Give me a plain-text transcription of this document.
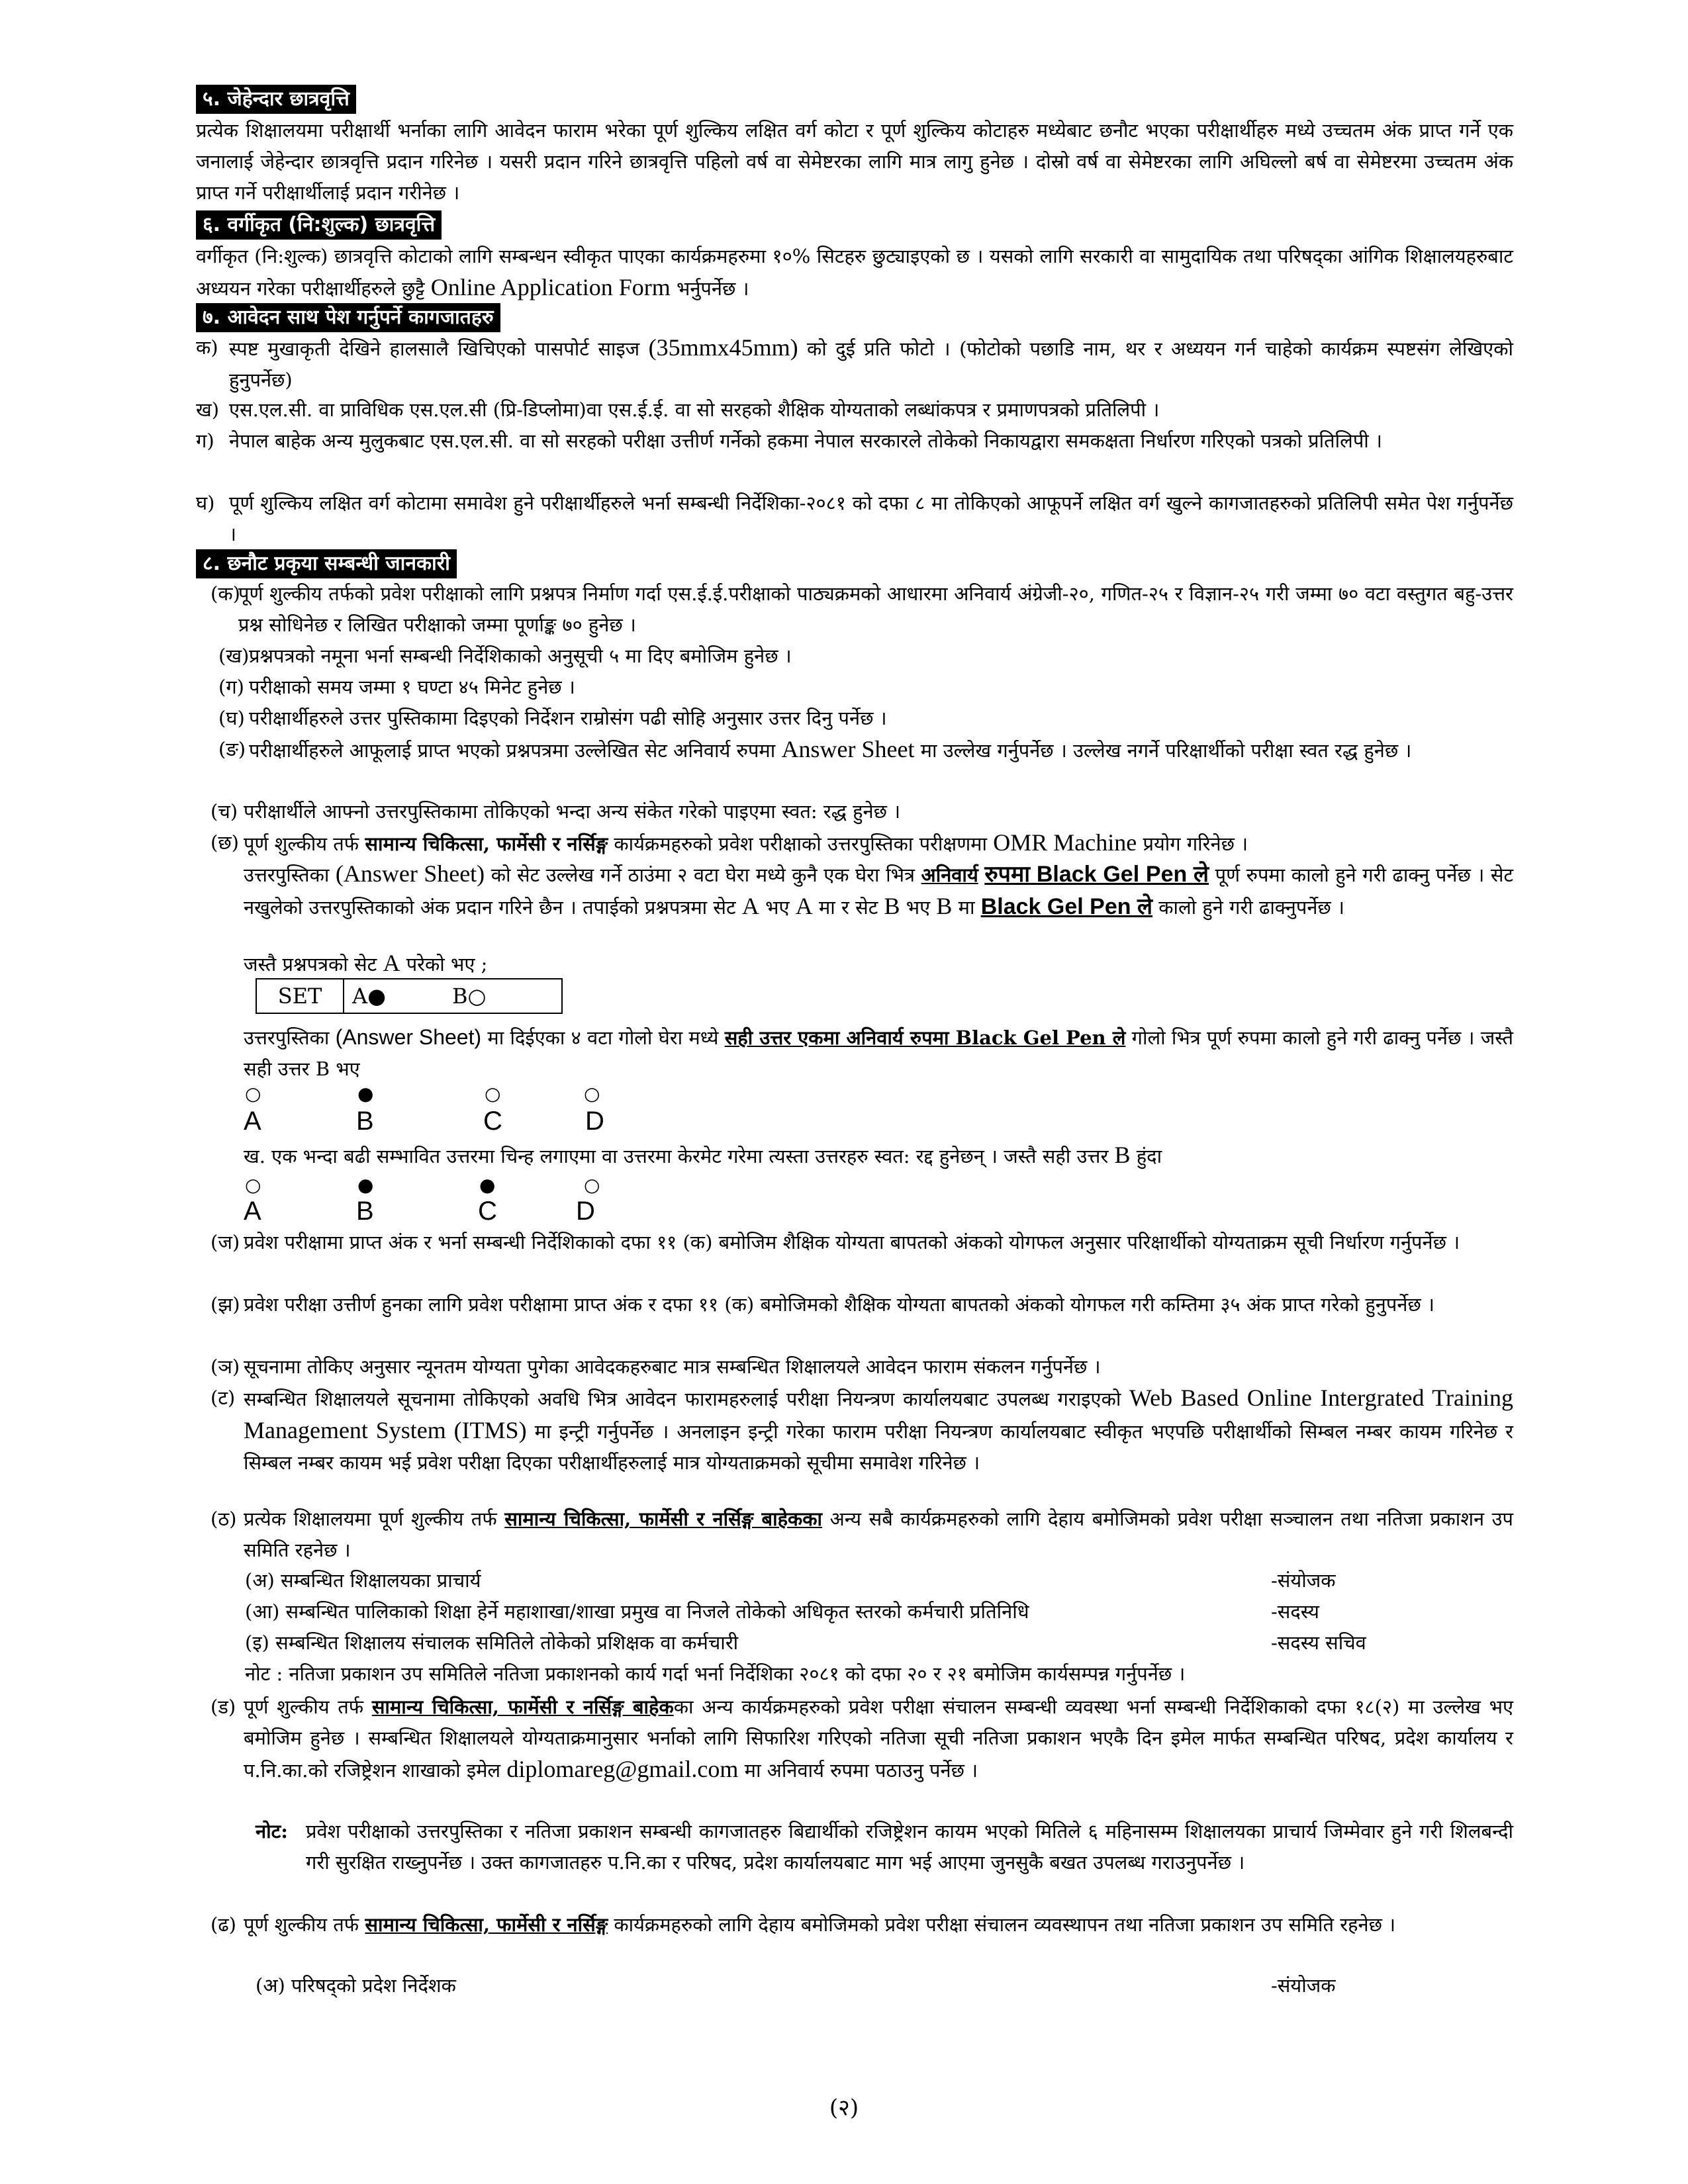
५. जेहेन्दार छात्रवृत्ति
प्रत्येक शिक्षालयमा परीक्षार्थी भर्नाका लागि आवेदन फाराम भरेका पूर्ण शुल्किय लक्षित वर्ग कोटा र पूर्ण शुल्किय कोटाहरु मध्येबाट छनौट भएका परीक्षार्थीहरु मध्ये उच्चतम अंक प्राप्त गर्ने एक जनालाई जेहेन्दार छात्रवृत्ति प्रदान गरिनेछ । यसरी प्रदान गरिने छात्रवृत्ति पहिलो वर्ष वा सेमेष्टरका लागि मात्र लागु हुनेछ । दोस्रो वर्ष वा सेमेष्टरका लागि अघिल्लो बर्ष वा सेमेष्टरमा उच्चतम अंक प्राप्त गर्ने परीक्षार्थीलाई प्रदान गरीनेछ ।
६. वर्गीकृत (नि:शुल्क) छात्रवृत्ति
वर्गीकृत (नि:शुल्क) छात्रवृत्ति कोटाको लागि सम्बन्धन स्वीकृत पाएका कार्यक्रमहरुमा १०% सिटहरु छुट्याइएको छ । यसको लागि सरकारी वा सामुदायिक तथा परिषद्का आंगिक शिक्षालयहरुबाट अध्ययन गरेका परीक्षार्थीहरुले छुट्टै Online Application Form भर्नुपर्नेछ ।
७. आवेदन साथ पेश गर्नुपर्ने कागजातहरु
क) स्पष्ट मुखाकृती देखिने हालसालै खिचिएको पासपोर्ट साइज (35mmx45mm) को दुई प्रति फोटो । (फोटोको पछाडि नाम, थर र अध्ययन गर्न चाहेको कार्यक्रम स्पष्टसंग लेखिएको हुनुपर्नेछ)
ख) एस.एल.सी. वा प्राविधिक एस.एल.सी (प्रि-डिप्लोमा)वा एस.ई.ई. वा सो सरहको शैक्षिक योग्यताको लब्धांकपत्र र प्रमाणपत्रको प्रतिलिपी ।
ग) नेपाल बाहेक अन्य मुलुकबाट एस.एल.सी. वा सो सरहको परीक्षा उत्तीर्ण गर्नेको हकमा नेपाल सरकारले तोकेको निकायद्वारा समकक्षता निर्धारण गरिएको पत्रको प्रतिलिपी ।
घ) पूर्ण शुल्किय लक्षित वर्ग कोटामा समावेश हुने परीक्षार्थीहरुले भर्ना सम्बन्धी निर्देशिका-२०८१ को दफा ८ मा तोकिएको आफूपर्ने लक्षित वर्ग खुल्ने कागजातहरुको प्रतिलिपी समेत पेश गर्नुपर्नेछ ।
८. छनौट प्रकृया सम्बन्धी जानकारी
(क)
पूर्ण शुल्कीय तर्फको प्रवेश परीक्षाको लागि प्रश्नपत्र निर्माण गर्दा एस.ई.ई.परीक्षाको पाठ्यक्रमको आधारमा अनिवार्य अंग्रेजी-२०, गणित-२५ र विज्ञान-२५ गरी जम्मा ७० वटा वस्तुगत बहु-उत्तर प्रश्न सोधिनेछ र लिखित परीक्षाको जम्मा पूर्णाङ्क ७० हुनेछ ।
(ख) प्रश्नपत्रको नमूना भर्ना सम्बन्धी निर्देशिकाको अनुसूची ५ मा दिए बमोजिम हुनेछ ।
(ग) परीक्षाको समय जम्मा १ घण्टा ४५ मिनेट हुनेछ ।
(घ) परीक्षार्थीहरुले उत्तर पुस्तिकामा दिइएको निर्देशन राम्रोसंग पढी सोहि अनुसार उत्तर दिनु पर्नेछ ।
(ङ) परीक्षार्थीहरुले आफूलाई प्राप्त भएको प्रश्नपत्रमा उल्लेखित सेट अनिवार्य रुपमा Answer Sheet मा उल्लेख गर्नुपर्नेछ । उल्लेख नगर्ने परिक्षार्थीको परीक्षा स्वत रद्ध हुनेछ ।
(च) परीक्षार्थीले आफ्नो उत्तरपुस्तिकामा तोकिएको भन्दा अन्य संकेत गरेको पाइएमा स्वत: रद्ध हुनेछ ।
(छ) पूर्ण शुल्कीय तर्फ सामान्य चिकित्सा, फार्मेसी र नर्सिङ्ग कार्यक्रमहरुको प्रवेश परीक्षाको उत्तरपुस्तिका परीक्षणमा OMR Machine प्रयोग गरिनेछ ।
उत्तरपुस्तिका (Answer Sheet) को सेट उल्लेख गर्ने ठाउंमा २ वटा घेरा मध्ये कुनै एक घेरा भित्र अनिवार्य रुपमा Black Gel Pen ले पूर्ण रुपमा कालो हुने गरी ढाक्नु पर्नेछ । सेट नखुलेको उत्तरपुस्तिकाको अंक प्रदान गरिने छैन । तपाईको प्रश्नपत्रमा सेट A भए A मा र सेट B भए B मा Black Gel Pen ले कालो हुने गरी ढाक्नुपर्नेछ ।
जस्तै प्रश्नपत्रको सेट A परेको भए ;
SET	A●	B○
उत्तरपुस्तिका (Answer Sheet) मा दिईएका ४ वटा गोलो घेरा मध्ये सही उत्तर एकमा अनिवार्य रुपमा Black Gel Pen ले गोलो भित्र पूर्ण रुपमा कालो हुने गरी ढाक्नु पर्नेछ । जस्तै सही उत्तर B भए
○	●	○	○
A	B	C	D
ख. एक भन्दा बढी सम्भावित उत्तरमा चिन्ह लगाएमा वा उत्तरमा केरमेट गरेमा त्यस्ता उत्तरहरु स्वत: रद्द हुनेछन् । जस्तै सही उत्तर B हुंदा
○	●	●	○
A	B	C	D
(ज) प्रवेश परीक्षामा प्राप्त अंक र भर्ना सम्बन्धी निर्देशिकाको दफा ११ (क) बमोजिम शैक्षिक योग्यता बापतको अंकको योगफल अनुसार परिक्षार्थीको योग्यताक्रम सूची निर्धारण गर्नुपर्नेछ ।
(झ) प्रवेश परीक्षा उत्तीर्ण हुनका लागि प्रवेश परीक्षामा प्राप्त अंक र दफा ११ (क) बमोजिमको शैक्षिक योग्यता बापतको अंकको योगफल गरी कम्तिमा ३५ अंक प्राप्त गरेको हुनुपर्नेछ ।
(ञ) सूचनामा तोकिए अनुसार न्यूनतम योग्यता पुगेका आवेदकहरुबाट मात्र सम्बन्धित शिक्षालयले आवेदन फाराम संकलन गर्नुपर्नेछ ।
(ट) सम्बन्धित शिक्षालयले सूचनामा तोकिएको अवधि भित्र आवेदन फारामहरुलाई परीक्षा नियन्त्रण कार्यालयबाट उपलब्ध गराइएको Web Based Online Intergrated Training Management System (ITMS) मा इन्ट्री गर्नुपर्नेछ । अनलाइन इन्ट्री गरेका फाराम परीक्षा नियन्त्रण कार्यालयबाट स्वीकृत भएपछि परीक्षार्थीको सिम्बल नम्बर कायम गरिनेछ र सिम्बल नम्बर कायम भई प्रवेश परीक्षा दिएका परीक्षार्थीहरुलाई मात्र योग्यताक्रमको सूचीमा समावेश गरिनेछ ।
(ठ) प्रत्येक शिक्षालयमा पूर्ण शुल्कीय तर्फ सामान्य चिकित्सा, फार्मेसी र नर्सिङ्ग बाहेकका अन्य सबै कार्यक्रमहरुको लागि देहाय बमोजिमको प्रवेश परीक्षा सञ्चालन तथा नतिजा प्रकाशन उप समिति रहनेछ ।
(अ) सम्बन्धित शिक्षालयका प्राचार्य	-संयोजक
(आ) सम्बन्धित पालिकाको शिक्षा हेर्ने महाशाखा/शाखा प्रमुख वा निजले तोकेको अधिकृत स्तरको कर्मचारी प्रतिनिधि	-सदस्य
(इ) सम्बन्धित शिक्षालय संचालक समितिले तोकेको प्रशिक्षक वा कर्मचारी	-सदस्य सचिव
नोट : नतिजा प्रकाशन उप समितिले नतिजा प्रकाशनको कार्य गर्दा भर्ना निर्देशिका २०८१ को दफा २० र २१ बमोजिम कार्यसम्पन्न गर्नुपर्नेछ ।
(ड) पूर्ण शुल्कीय तर्फ सामान्य चिकित्सा, फार्मेसी र नर्सिङ्ग बाहेकका अन्य कार्यक्रमहरुको प्रवेश परीक्षा संचालन सम्बन्धी व्यवस्था भर्ना सम्बन्धी निर्देशिकाको दफा १८(२) मा उल्लेख भए बमोजिम हुनेछ । सम्बन्धित शिक्षालयले योग्यताक्रमानुसार भर्नाको लागि सिफारिश गरिएको नतिजा सूची नतिजा प्रकाशन भएकै दिन इमेल मार्फत सम्बन्धित परिषद, प्रदेश कार्यालय र प.नि.का.को रजिष्ट्रेशन शाखाको इमेल diplomareg@gmail.com मा अनिवार्य रुपमा पठाउनु पर्नेछ ।
नोट: प्रवेश परीक्षाको उत्तरपुस्तिका र नतिजा प्रकाशन सम्बन्धी कागजातहरु बिद्यार्थीको रजिष्ट्रेशन कायम भएको मितिले ६ महिनासम्म शिक्षालयका प्राचार्य जिम्मेवार हुने गरी शिलबन्दी गरी सुरक्षित राख्नुपर्नेछ । उक्त कागजातहरु प.नि.का र परिषद, प्रदेश कार्यालयबाट माग भई आएमा जुनसुकै बखत उपलब्ध गराउनुपर्नेछ ।
(ढ) पूर्ण शुल्कीय तर्फ सामान्य चिकित्सा, फार्मेसी र नर्सिङ्ग कार्यक्रमहरुको लागि देहाय बमोजिमको प्रवेश परीक्षा संचालन व्यवस्थापन तथा नतिजा प्रकाशन उप समिति रहनेछ ।
(अ) परिषद्को प्रदेश निर्देशक	-संयोजक
(२)
